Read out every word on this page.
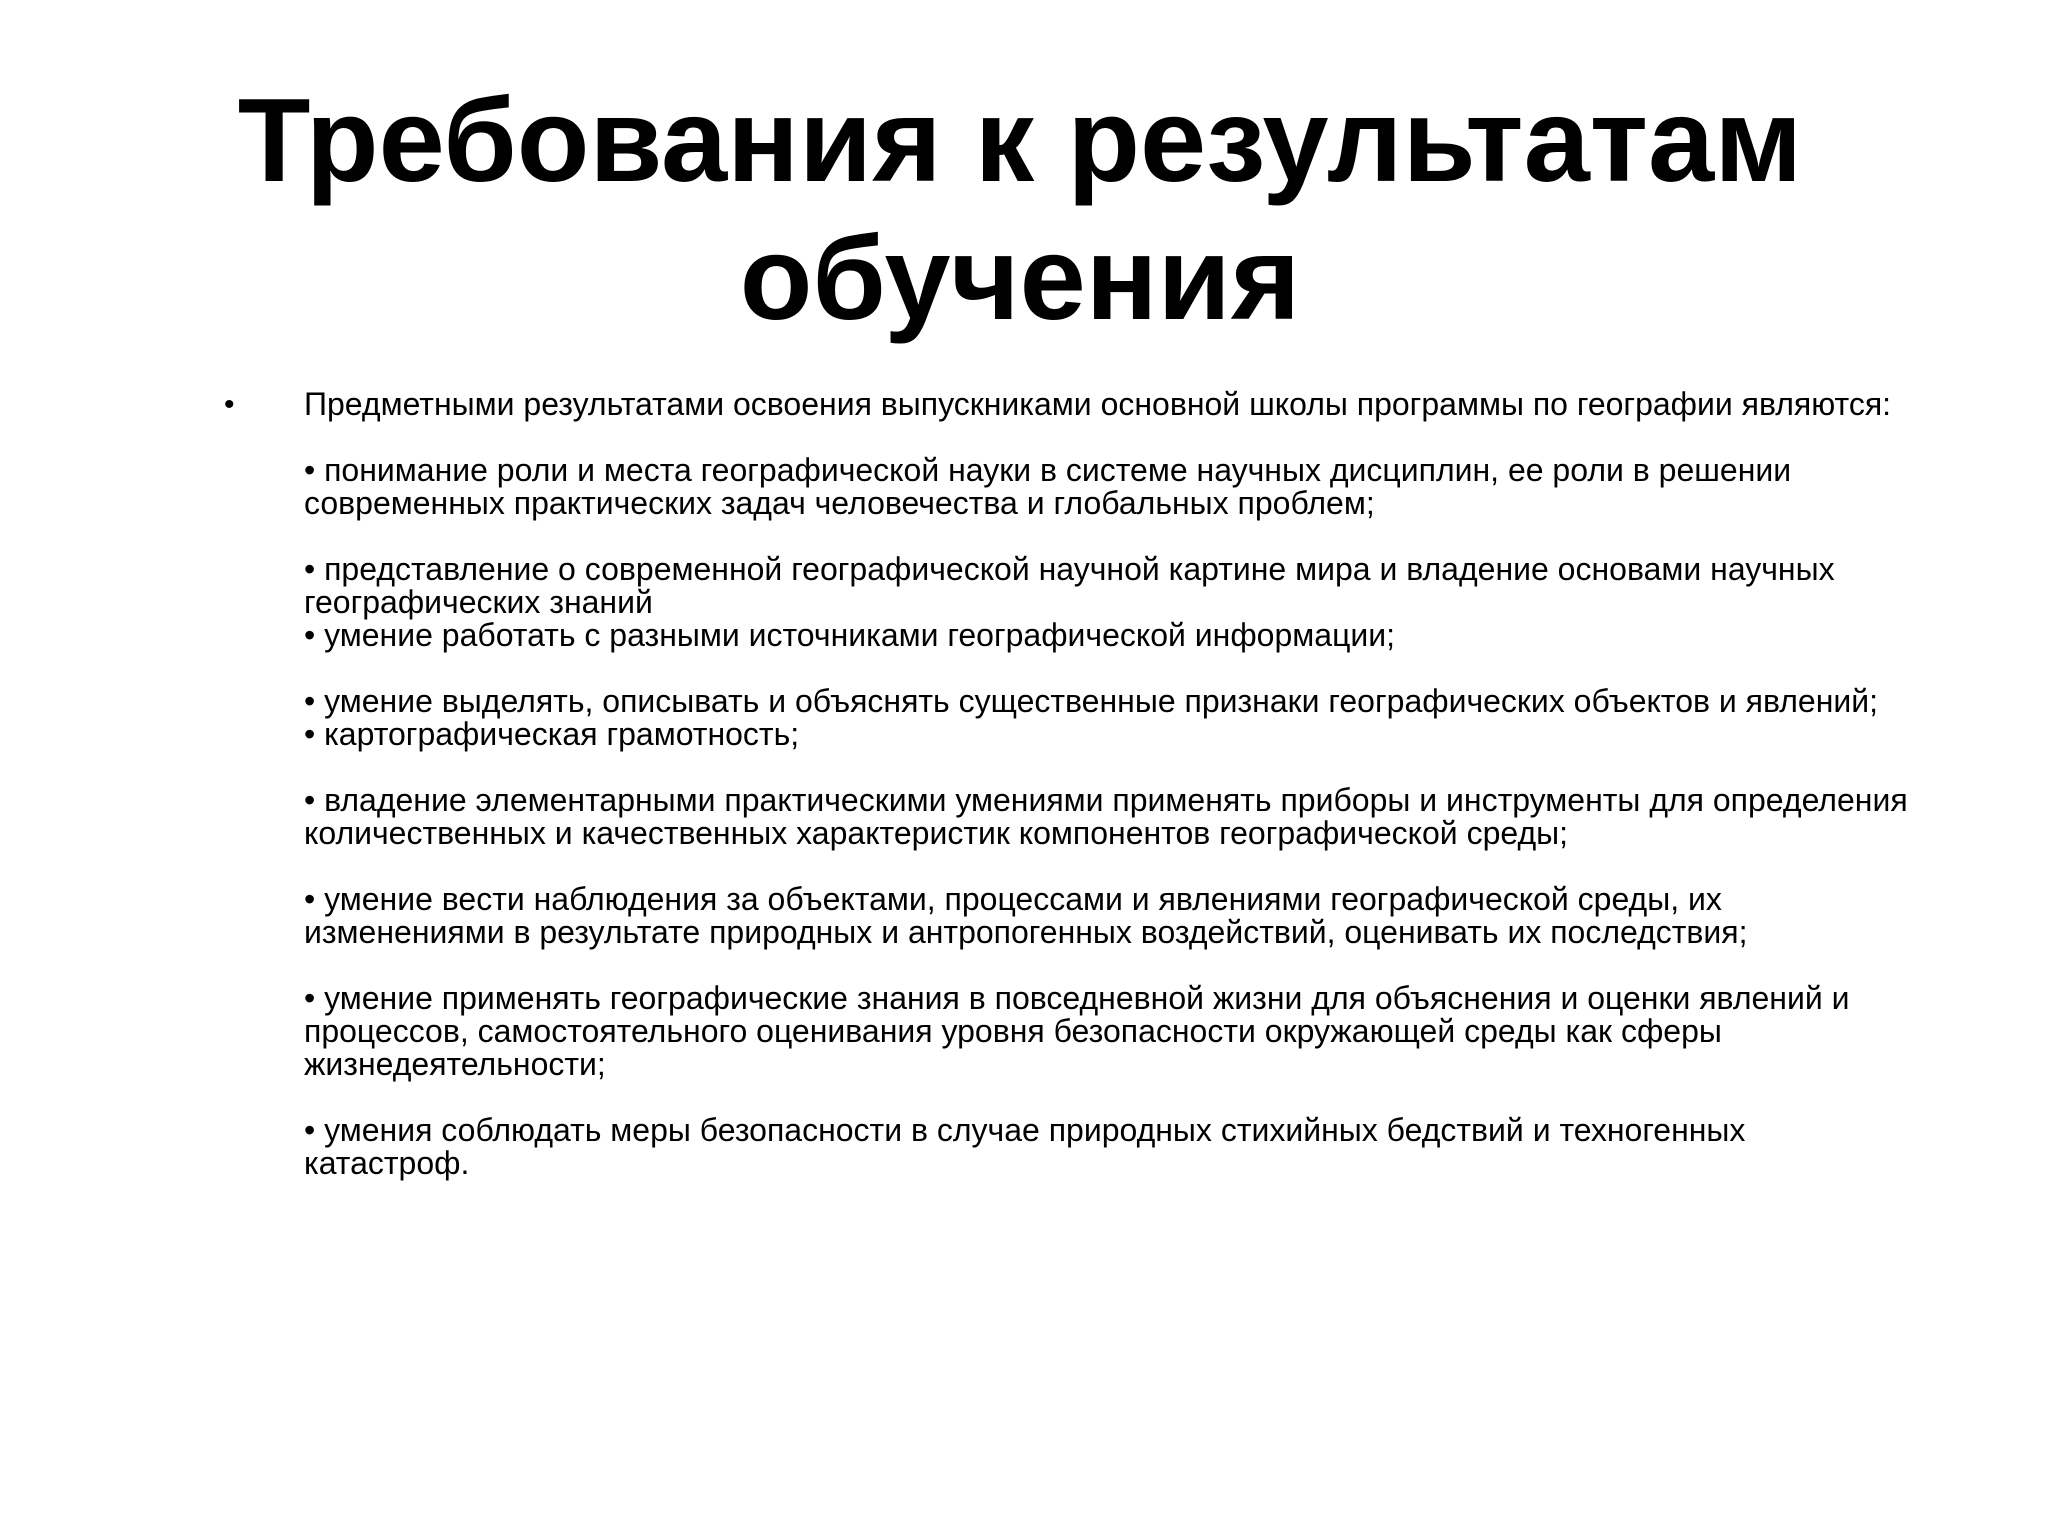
Требования к результатам
обучения
• Предметными результатами освоения выпускниками основной школы программы по географии являются:
• понимание роли и места географической науки в системе научных дисциплин, ее роли в решении
современных практических задач человечества и глобальных проблем;
• представление о современной географической научной картине мира и владение основами научных
географических знаний
• умение работать с разными источниками географической информации;
• умение выделять, описывать и объяснять существенные признаки географических объектов и явлений;
• картографическая грамотность;
• владение элементарными практическими умениями применять приборы и инструменты для определения
количественных и качественных характеристик компонентов географической среды;
• умение вести наблюдения за объектами, процессами и явлениями географической среды, их
изменениями в результате природных и антропогенных воздействий, оценивать их последствия;
• умение применять географические знания в повседневной жизни для объяснения и оценки явлений и
процессов, самостоятельного оценивания уровня безопасности окружающей среды как сферы
жизнедеятельности;
• умения соблюдать меры безопасности в случае природных стихийных бедствий и техногенных
катастроф.
